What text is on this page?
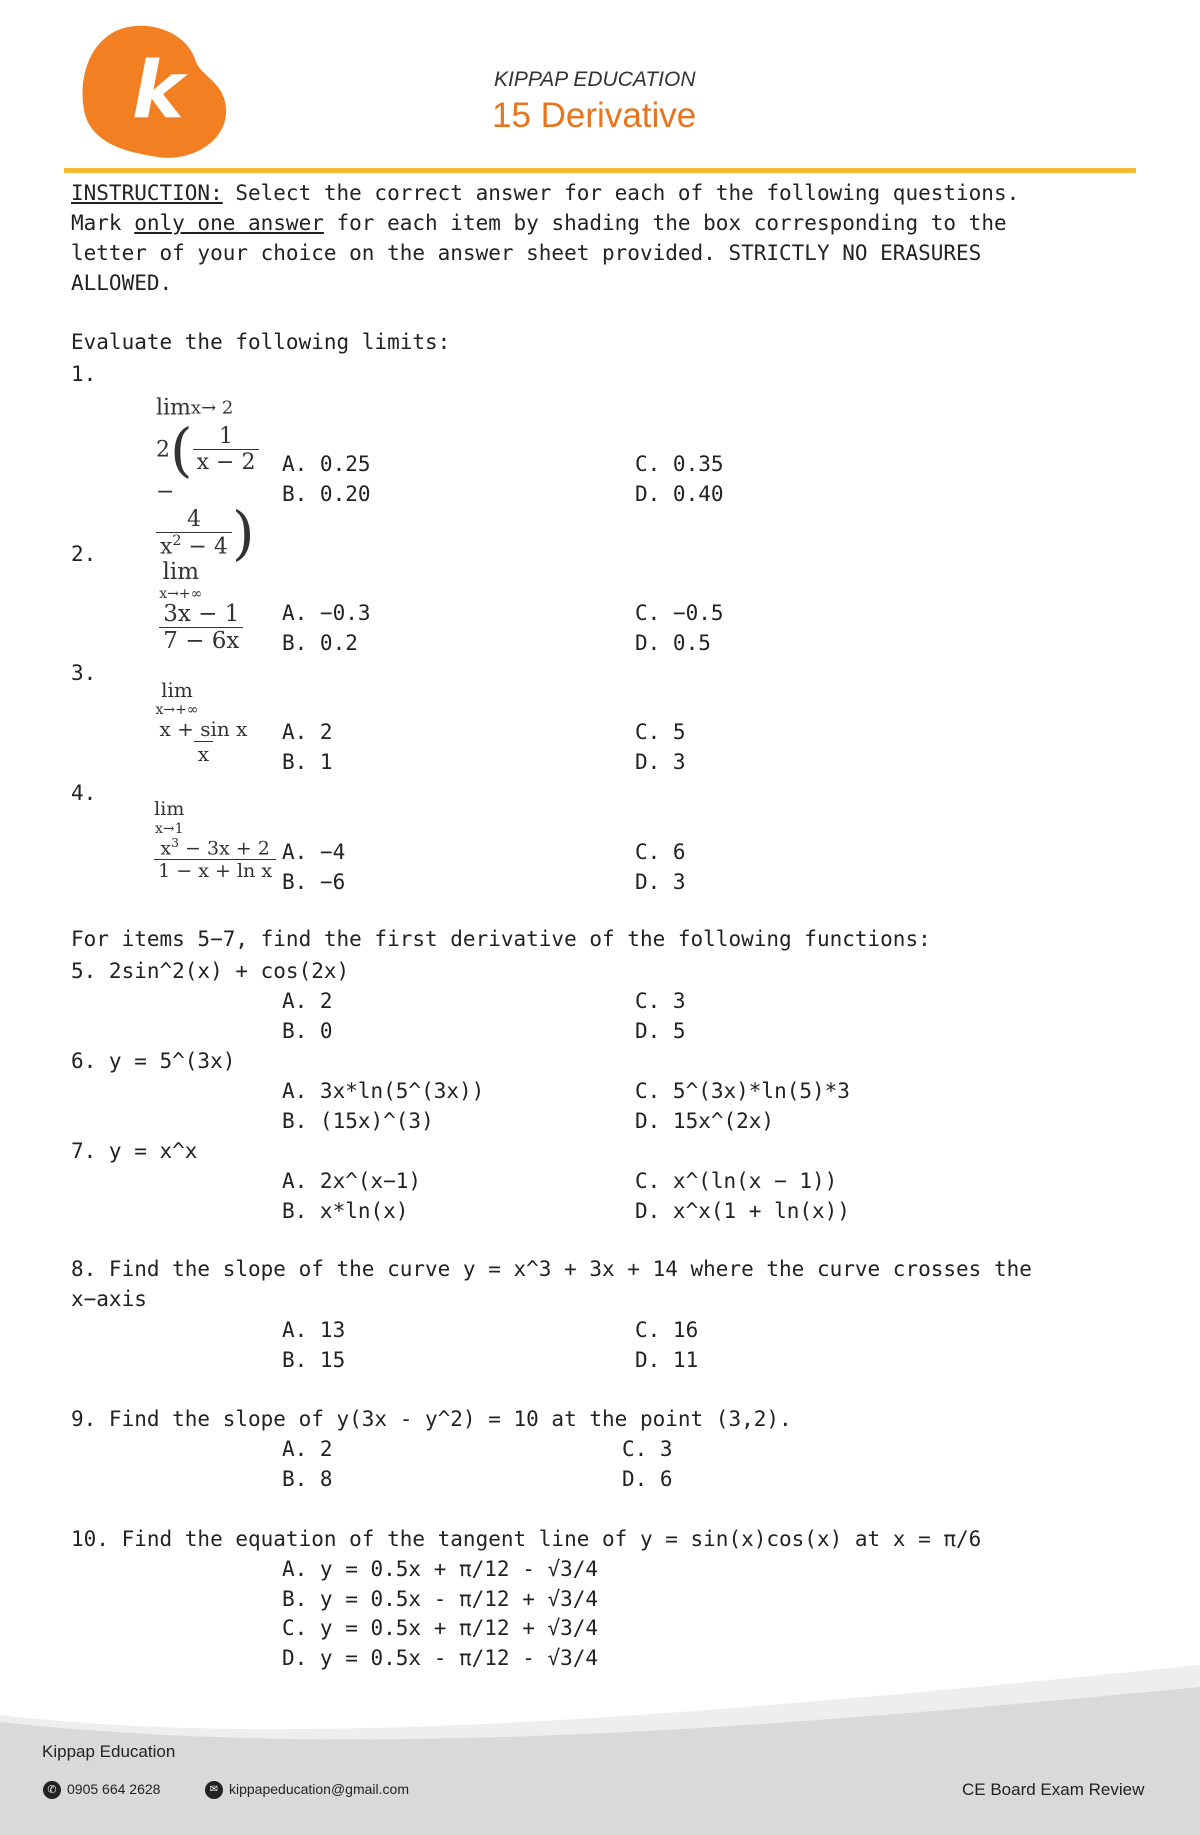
k	KIPPAP EDUCATION
15 Derivative
INSTRUCTION: Select the correct answer for each of the following questions.
Mark only one answer for each item by shading the box corresponding to the
letter of your choice on the answer sheet provided. STRICTLY NO ERASURES
ALLOWED.
Evaluate the following limits:
1.

limx→ 2
$2( \frac{1}{x - 2}$

−

$\frac{4}{x^2 - 4}$ )

A. 0.25
B. 0.20
C. 0.35
D. 0.40
2.

lim
x→+∞

$\frac{3x - 1}{7 - 6x}$

A. −0.3
B. 0.2
C. −0.5
D. 0.5
3.

lim
x→+∞

$\frac{\text{x + sin x}}{x}$

A. 2
B. 1
C. 5
D. 3
4.

lim
x→1

$\frac{x^3 - 3x + 2}{\text{1 − x + ln x}}$

A. −4
B. −6
C. 6
D. 3
For items 5−7, find the first derivative of the following functions:
5. 2sin^2(x) + cos(2x)
A. 2
B. 0
C. 3
D. 5
6. y = 5^(3x)
A. 3x*ln(5^(3x))
B. (15x)^(3)
C. 5^(3x)*ln(5)*3
D. 15x^(2x)
7. y = x^x
A. 2x^(x−1)
B. x*ln(x)
C. x^(ln(x − 1))
D. x^x(1 + ln(x))
8. Find the slope of the curve y = x^3 + 3x + 14 where the curve crosses the
x−axis
A. 13
B. 15
C. 16
D. 11
9. Find the slope of y(3x - y^2) = 10 at the point (3,2).
A. 2
B. 8
C. 3
D. 6
10. Find the equation of the tangent line of y = sin(x)cos(x) at x = π/6
A. y = 0.5x + π/12 - √3/4
B. y = 0.5x - π/12 + √3/4
C. y = 0.5x + π/12 + √3/4
D. y = 0.5x - π/12 - √3/4
Kippap Education
✆ 0905 664 2628	✉ kippapeducation@gmail.com	CE Board Exam Review
